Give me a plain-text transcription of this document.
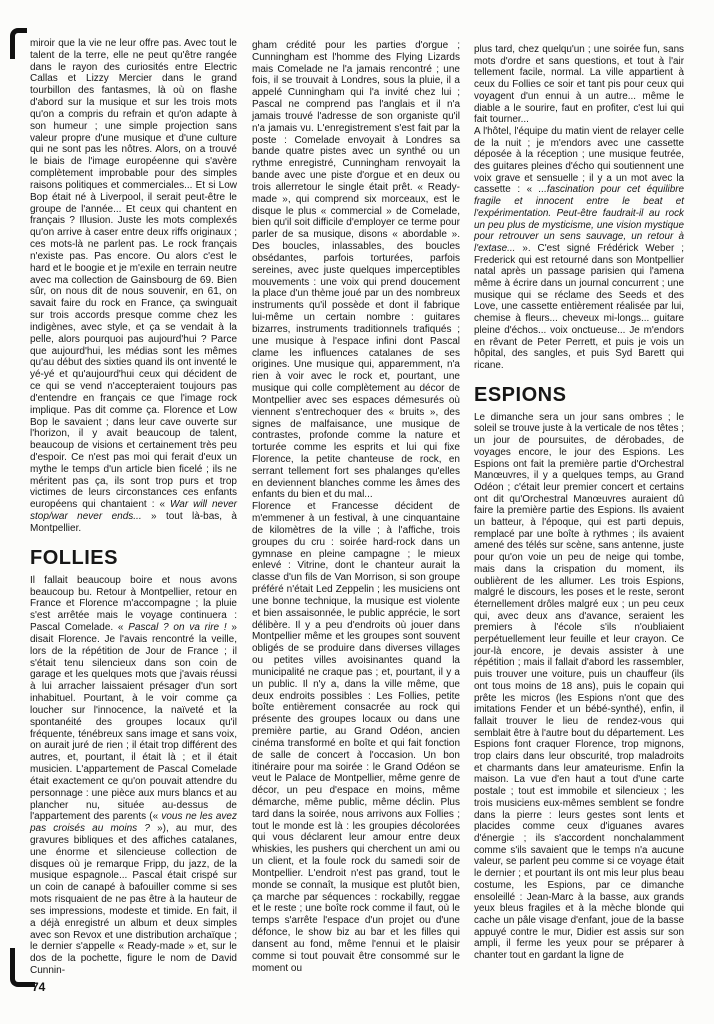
miroir que la vie ne leur offre pas. Avec tout le talent de la terre, elle ne peut qu'être rangée dans le rayon des curiosités entre Electric Callas et Lizzy Mercier dans le grand tourbillon des fantasmes, là où on flashe d'abord sur la musique et sur les trois mots qu'on a compris du refrain et qu'on adapte à son humeur ; une simple projection sans valeur propre d'une musique et d'une culture qui ne sont pas les nôtres. Alors, on a trouvé le biais de l'image européenne qui s'avère complètement improbable pour des simples raisons politiques et commerciales... Et si Low Bop était né à Liverpool, il serait peut-être le groupe de l'année... Et ceux qui chantent en français ? Illusion. Juste les mots complexés qu'on arrive à caser entre deux riffs originaux ; ces mots-là ne parlent pas. Le rock français n'existe pas. Pas encore. Ou alors c'est le hard et le boogie et je m'exile en terrain neutre avec ma collection de Gainsbourg de 69. Bien sûr, on nous dit de nous souvenir, en 61, on savait faire du rock en France, ça swinguait sur trois accords presque comme chez les indigènes, avec style, et ça se vendait à la pelle, alors pourquoi pas aujourd'hui ? Parce que aujourd'hui, les médias sont les mêmes qu'au début des sixties quand ils ont inventé le yé-yé et qu'aujourd'hui ceux qui décident de ce qui se vend n'accepteraient toujours pas d'entendre en français ce que l'image rock implique. Pas dit comme ça. Florence et Low Bop le savaient ; dans leur cave ouverte sur l'horizon, il y avait beaucoup de talent, beaucoup de visions et certainement très peu d'espoir. Ce n'est pas moi qui ferait d'eux un mythe le temps d'un article bien ficelé ; ils ne méritent pas ça, ils sont trop purs et trop victimes de leurs circonstances ces enfants européens qui chantaient : « War will never stop/war never ends... » tout là-bas, à Montpellier.

FOLLIES

Il fallait beaucoup boire et nous avons beaucoup bu. Retour à Montpellier, retour en France et Florence m'accompagne ; la pluie s'est arrêtée mais le voyage continuera : Pascal Comelade. « Pascal ? on va rire ! » disait Florence. Je l'avais rencontré la veille, lors de la répétition de Jour de France ; il s'était tenu silencieux dans son coin de garage et les quelques mots que j'avais réussi à lui arracher laissaient présager d'un sort inhabituel. Pourtant, à le voir comme ça loucher sur l'innocence, la naïveté et la spontanéité des groupes locaux qu'il fréquente, ténébreux sans image et sans voix, on aurait juré de rien ; il était trop différent des autres, et, pourtant, il était là ; et il était musicien. L'appartement de Pascal Comelade était exactement ce qu'on pouvait attendre du personnage : une pièce aux murs blancs et au plancher nu, située au-dessus de l'appartement des parents (« vous ne les avez pas croisés au moins ? »), au mur, des gravures bibliques et des affiches catalanes, une énorme et silencieuse collection de disques où je remarque Fripp, du jazz, de la musique espagnole... Pascal était crispé sur un coin de canapé à bafouiller comme si ses mots risquaient de ne pas être à la hauteur de ses impressions, modeste et timide. En fait, il a déjà enregistré un album et deux simples avec son Revox et une distribution archaïque ; le dernier s'appelle « Ready-made » et, sur le dos de la pochette, figure le nom de David Cunnin-

gham crédité pour les parties d'orgue ; Cunningham est l'homme des Flying Lizards mais Comelade ne l'a jamais rencontré ; une fois, il se trouvait à Londres, sous la pluie, il a appelé Cunningham qui l'a invité chez lui ; Pascal ne comprend pas l'anglais et il n'a jamais trouvé l'adresse de son organiste qu'il n'a jamais vu. L'enregistrement s'est fait par la poste : Comelade envoyait à Londres sa bande quatre pistes avec un synthé ou un rythme enregistré, Cunningham renvoyait la bande avec une piste d'orgue et en deux ou trois allerretour le single était prêt. « Ready-made », qui comprend six morceaux, est le disque le plus « commercial » de Comelade, bien qu'il soit difficile d'employer ce terme pour parler de sa musique, disons « abordable ». Des boucles, inlassables, des boucles obsédantes, parfois torturées, parfois sereines, avec juste quelques imperceptibles mouvements : une voix qui prend doucement la place d'un thème joué par un des nombreux instruments qu'il possède et dont il fabrique lui-même un certain nombre : guitares bizarres, instruments traditionnels trafiqués ; une musique à l'espace infini dont Pascal clame les influences catalanes de ses origines. Une musique qui, apparemment, n'a rien à voir avec le rock et, pourtant, une musique qui colle complètement au décor de Montpellier avec ses espaces démesurés où viennent s'entrechoquer des « bruits », des signes de malfaisance, une musique de contrastes, profonde comme la nature et torturée comme les esprits et lui qui fixe Florence, la petite chanteuse de rock, en serrant tellement fort ses phalanges qu'elles en deviennent blanches comme les âmes des enfants du bien et du mal...

Florence et Francesse décident de m'emmener à un festival, à une cinquantaine de kilomètres de la ville ; à l'affiche, trois groupes du cru : soirée hard-rock dans un gymnase en pleine campagne ; le mieux enlevé : Vitrine, dont le chanteur aurait la classe d'un fils de Van Morrison, si son groupe préféré n'était Led Zeppelin ; les musiciens ont une bonne technique, la musique est violente et bien assaisonnée, le public apprécie, le sort délibère. Il y a peu d'endroits où jouer dans Montpellier même et les groupes sont souvent obligés de se produire dans diverses villages ou petites villes avoisinantes quand la municipalité ne craque pas ; et, pourtant, il y a un public. Il n'y a, dans la ville même, que deux endroits possibles : Les Follies, petite boîte entièrement consacrée au rock qui présente des groupes locaux ou dans une première partie, au Grand Odéon, ancien cinéma transformé en boîte et qui fait fonction de salle de concert à l'occasion. Un bon itinéraire pour ma soirée : le Grand Odéon se veut le Palace de Montpellier, même genre de décor, un peu d'espace en moins, même démarche, même public, même déclin. Plus tard dans la soirée, nous arrivons aux Follies ; tout le monde est là : les groupies décolorées qui vous déclarent leur amour entre deux whiskies, les pushers qui cherchent un ami ou un client, et la foule rock du samedi soir de Montpellier. L'endroit n'est pas grand, tout le monde se connaît, la musique est plutôt bien, ça marche par séquences : rockabilly, reggae et le reste ; une boîte rock comme il faut, où le temps s'arrête l'espace d'un projet ou d'une défonce, le show biz au bar et les filles qui dansent au fond, même l'ennui et le plaisir comme si tout pouvait être consommé sur le moment ou

plus tard, chez quelqu'un ; une soirée fun, sans mots d'ordre et sans questions, et tout à l'air tellement facile, normal. La ville appartient à ceux du Follies ce soir et tant pis pour ceux qui voyagent d'un ennui à un autre... même le diable a le sourire, faut en profiter, c'est lui qui fait tourner...

A l'hôtel, l'équipe du matin vient de relayer celle de la nuit ; je m'endors avec une cassette déposée à la réception ; une musique feutrée, des guitares pleines d'écho qui soutiennent une voix grave et sensuelle ; il y a un mot avec la cassette : « ...fascination pour cet équilibre fragile et innocent entre le beat et l'expérimentation. Peut-être faudrait-il au rock un peu plus de mysticisme, une vision mystique pour retrouver un sens sauvage, un retour à l'extase... ». C'est signé Frédérick Weber ; Frederick qui est retourné dans son Montpellier natal après un passage parisien qui l'amena même à écrire dans un journal concurrent ; une musique qui se réclame des Seeds et des Love, une cassette entièrement réalisée par lui, chemise à fleurs... cheveux mi-longs... guitare pleine d'échos... voix onctueuse... Je m'endors en rêvant de Peter Perrett, et puis je vois un hôpital, des sangles, et puis Syd Barett qui ricane.

ESPIONS

Le dimanche sera un jour sans ombres ; le soleil se trouve juste à la verticale de nos têtes ; un jour de poursuites, de dérobades, de voyages encore, le jour des Espions. Les Espions ont fait la première partie d'Orchestral Manœuvres, il y a quelques temps, au Grand Odéon ; c'était leur premier concert et certains ont dit qu'Orchestral Manœuvres auraient dû faire la première partie des Espions. Ils avaient un batteur, à l'époque, qui est parti depuis, remplacé par une boîte à rythmes ; ils avaient amené des télés sur scène, sans antenne, juste pour qu'on voie un peu de neige qui tombe, mais dans la crispation du moment, ils oublièrent de les allumer. Les trois Espions, malgré le discours, les poses et le reste, seront éternellement drôles malgré eux ; un peu ceux qui, avec deux ans d'avance, seraient les premiers à l'école s'ils n'oubliaient perpétuellement leur feuille et leur crayon. Ce jour-là encore, je devais assister à une répétition ; mais il fallait d'abord les rassembler, puis trouver une voiture, puis un chauffeur (ils ont tous moins de 18 ans), puis le copain qui prête les micros (les Espions n'ont que des imitations Fender et un bébé-synthé), enfin, il fallait trouver le lieu de rendez-vous qui semblait être à l'autre bout du département. Les Espions font craquer Florence, trop mignons, trop clairs dans leur obscurité, trop maladroits et charmants dans leur amateurisme. Enfin la maison. La vue d'en haut a tout d'une carte postale ; tout est immobile et silencieux ; les trois musiciens eux-mêmes semblent se fondre dans la pierre : leurs gestes sont lents et placides comme ceux d'iguanes avares d'énergie ; ils s'accordent nonchalamment comme s'ils savaient que le temps n'a aucune valeur, se parlent peu comme si ce voyage était le dernier ; et pourtant ils ont mis leur plus beau costume, les Espions, par ce dimanche ensoleillé : Jean-Marc à la basse, aux grands yeux bleus fragiles et à la mèche blonde qui cache un pâle visage d'enfant, joue de la basse appuyé contre le mur, Didier est assis sur son ampli, il ferme les yeux pour se préparer à chanter tout en gardant la ligne de

74
